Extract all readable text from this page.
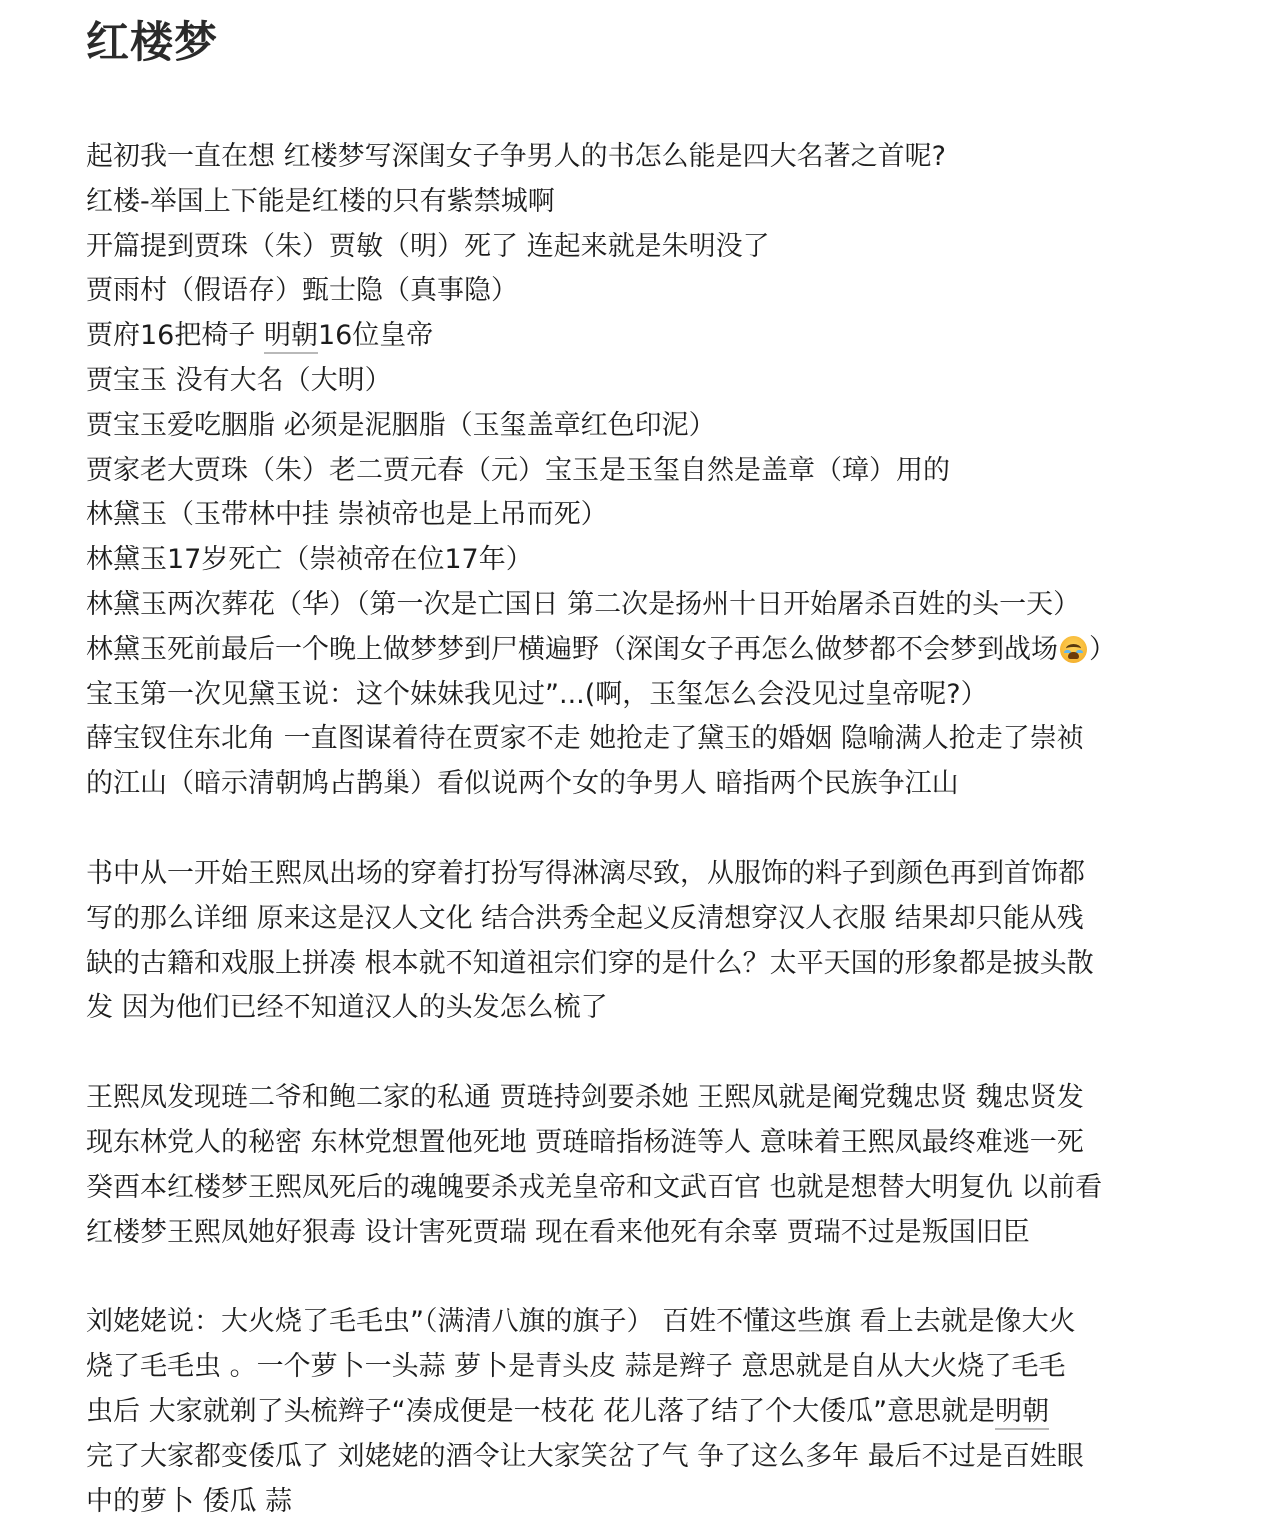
红楼梦
起初我一直在想 红楼梦写深闺女子争男人的书怎么能是四大名著之首呢?
红楼-举国上下能是红楼的只有紫禁城啊
开篇提到贾珠（朱）贾敏（明）死了 连起来就是朱明没了
贾雨村（假语存）甄士隐（真事隐）
贾府16把椅子 明朝16位皇帝
贾宝玉 没有大名（大明）
贾宝玉爱吃胭脂 必须是泥胭脂（玉玺盖章红色印泥）
贾家老大贾珠（朱）老二贾元春（元）宝玉是玉玺自然是盖章（璋）用的
林黛玉（玉带林中挂 崇祯帝也是上吊而死）
林黛玉17岁死亡（崇祯帝在位17年）
林黛玉两次葬花（华）（第一次是亡国日 第二次是扬州十日开始屠杀百姓的头一天）
林黛玉死前最后一个晚上做梦梦到尸横遍野（深闺女子再怎么做梦都不会梦到战场 ）
宝玉第一次见黛玉说：这个妹妹我见过”...(啊，玉玺怎么会没见过皇帝呢?）
薛宝钗住东北角 一直图谋着待在贾家不走 她抢走了黛玉的婚姻 隐喻满人抢走了崇祯
的江山（暗示清朝鸠占鹊巢）看似说两个女的争男人 暗指两个民族争江山
书中从一开始王熙凤出场的穿着打扮写得淋漓尽致，从服饰的料子到颜色再到首饰都
写的那么详细 原来这是汉人文化 结合洪秀全起义反清想穿汉人衣服 结果却只能从残
缺的古籍和戏服上拼凑 根本就不知道祖宗们穿的是什么？太平天国的形象都是披头散
发 因为他们已经不知道汉人的头发怎么梳了
王熙凤发现琏二爷和鲍二家的私通 贾琏持剑要杀她 王熙凤就是阉党魏忠贤 魏忠贤发
现东林党人的秘密 东林党想置他死地 贾琏暗指杨涟等人 意味着王熙凤最终难逃一死
癸酉本红楼梦王熙凤死后的魂魄要杀戎羌皇帝和文武百官 也就是想替大明复仇 以前看
红楼梦王熙凤她好狠毒 设计害死贾瑞 现在看来他死有余辜 贾瑞不过是叛国旧臣
刘姥姥说：大火烧了毛毛虫”（满清八旗的旗子） 百姓不懂这些旗 看上去就是像大火
烧了毛毛虫 。一个萝卜一头蒜 萝卜是青头皮 蒜是辫子 意思就是自从大火烧了毛毛
虫后 大家就剃了头梳辫子“凑成便是一枝花 花儿落了结了个大倭瓜”意思就是明朝
完了大家都变倭瓜了 刘姥姥的酒令让大家笑岔了气 争了这么多年 最后不过是百姓眼
中的萝卜 倭瓜 蒜
